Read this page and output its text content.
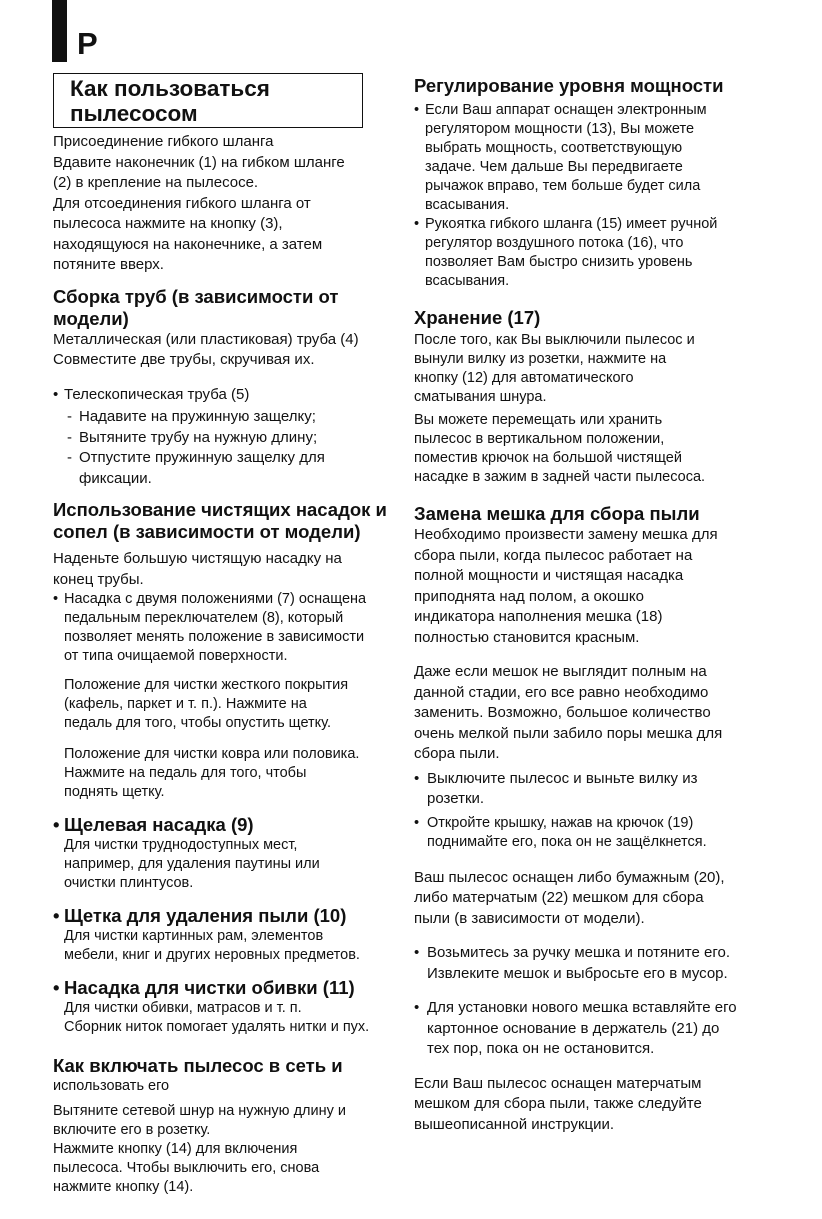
P
Как пользоваться
пылесосом

Присоединение гибкого шланга

Вдавите наконечник (1) на гибком шланге

(2) в крепление на пылесосе.

Для отсоединения гибкого шланга от

пылесоса нажмите на кнопку (3),

находящуюся на наконечнике, а затем

потяните вверх.

Сборка труб (в зависимости от

модели)

Металлическая (или пластиковая) труба (4)

Совместите две трубы, скручивая их.

• Телескопическая труба (5)

- Надавите на пружинную защелку;

- Вытяните трубу на нужную длину;

- Отпустите пружинную защелку для

фиксации.

Использование чистящих насадок и

сопел (в зависимости от модели)

Наденьте большую чистящую насадку на

конец трубы.

• Насадка с двумя положениями (7) оснащена

педальным переключателем (8), который

позволяет менять положение в зависимости

от типа очищаемой поверхности.

Положение для чистки жесткого покрытия

(кафель, паркет и т. п.). Нажмите на

педаль для того, чтобы опустить щетку.

Положение для чистки ковра или половика.

Нажмите на педаль для того, чтобы

поднять щетку.

• Щелевая насадка (9)

Для чистки труднодоступных мест,

например, для удаления паутины или

очистки плинтусов.

• Щетка для удаления пыли (10)

Для чистки картинных рам, элементов

мебели, книг и других неровных предметов.

• Насадка для чистки обивки (11)

Для чистки обивки, матрасов и т. п.

Сборник ниток помогает удалять нитки и пух.

Как включать пылесос в сеть и

использовать его

Вытяните сетевой шнур на нужную длину и

включите его в розетку.

Нажмите кнопку (14) для включения

пылесоса. Чтобы выключить его, снова

нажмите кнопку (14).

Регулирование уровня мощности

• Если Ваш аппарат оснащен электронным

регулятором мощности (13), Вы можете

выбрать мощность, соответствующую

задаче. Чем дальше Вы передвигаете

рычажок вправо, тем больше будет сила

всасывания.

• Рукоятка гибкого шланга (15) имеет ручной

регулятор воздушного потока (16), что

позволяет Вам быстро снизить уровень

всасывания.

Хранение (17)

После того, как Вы выключили пылесос и

вынули вилку из розетки, нажмите на

кнопку (12) для автоматического

сматывания шнура.

Вы можете перемещать или хранить

пылесос в вертикальном положении,

поместив крючок на большой чистящей

насадке в зажим в задней части пылесоса.

Замена мешка для сбора пыли

Необходимо произвести замену мешка для

сбора пыли, когда пылесос работает на

полной мощности и чистящая насадка

приподнята над полом, а окошко

индикатора наполнения мешка (18)

полностью становится красным.

Даже если мешок не выглядит полным на

данной стадии, его все равно необходимо

заменить. Возможно, большое количество

очень мелкой пыли забило поры мешка для

сбора пыли.

• Выключите пылесос и выньте вилку из

розетки.

• Откройте крышку, нажав на крючок (19)

поднимайте его, пока он не защёлкнется.

Ваш пылесос оснащен либо бумажным (20),

либо матерчатым (22) мешком для сбора

пыли (в зависимости от модели).

• Возьмитесь за ручку мешка и потяните его.

Извлеките мешок и выбросьте его в мусор.

• Для установки нового мешка вставляйте его

картонное основание в держатель (21) до

тех пор, пока он не остановится.

Если Ваш пылесос оснащен матерчатым

мешком для сбора пыли, также следуйте

вышеописанной инструкции.
